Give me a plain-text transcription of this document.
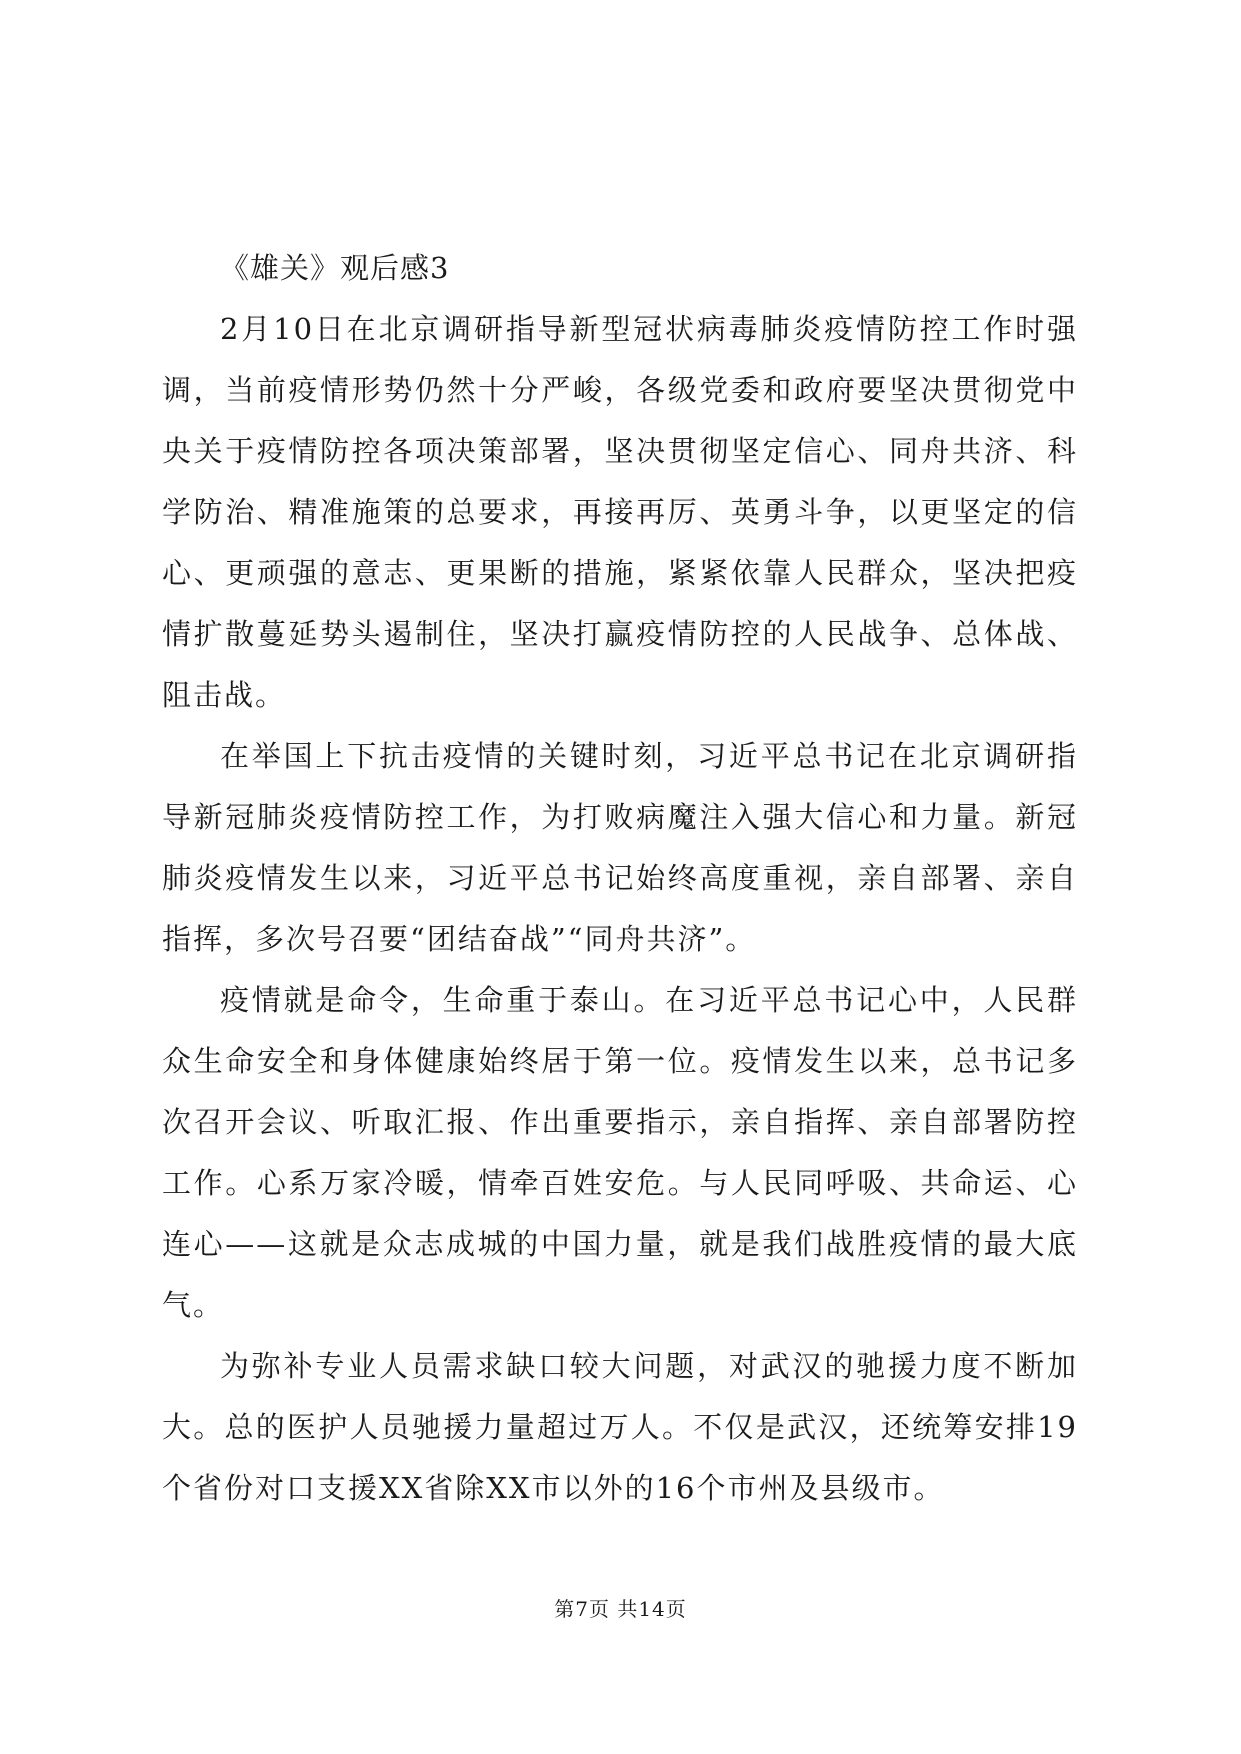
《雄关》观后感3

2月10日在北京调研指导新型冠状病毒肺炎疫情防控工作时强调，当前疫情形势仍然十分严峻，各级党委和政府要坚决贯彻党中央关于疫情防控各项决策部署，坚决贯彻坚定信心、同舟共济、科学防治、精准施策的总要求，再接再厉、英勇斗争，以更坚定的信心、更顽强的意志、更果断的措施，紧紧依靠人民群众，坚决把疫情扩散蔓延势头遏制住，坚决打赢疫情防控的人民战争、总体战、阻击战。

在举国上下抗击疫情的关键时刻，习近平总书记在北京调研指导新冠肺炎疫情防控工作，为打败病魔注入强大信心和力量。新冠肺炎疫情发生以来，习近平总书记始终高度重视，亲自部署、亲自指挥，多次号召要“团结奋战”“同舟共济”。

疫情就是命令，生命重于泰山。在习近平总书记心中，人民群众生命安全和身体健康始终居于第一位。疫情发生以来，总书记多次召开会议、听取汇报、作出重要指示，亲自指挥、亲自部署防控工作。心系万家冷暖，情牵百姓安危。与人民同呼吸、共命运、心连心——这就是众志成城的中国力量，就是我们战胜疫情的最大底气。

为弥补专业人员需求缺口较大问题，对武汉的驰援力度不断加大。总的医护人员驰援力量超过万人。不仅是武汉，还统筹安排19个省份对口支援XX省除XX市以外的16个市州及县级市。

第7页 共14页
